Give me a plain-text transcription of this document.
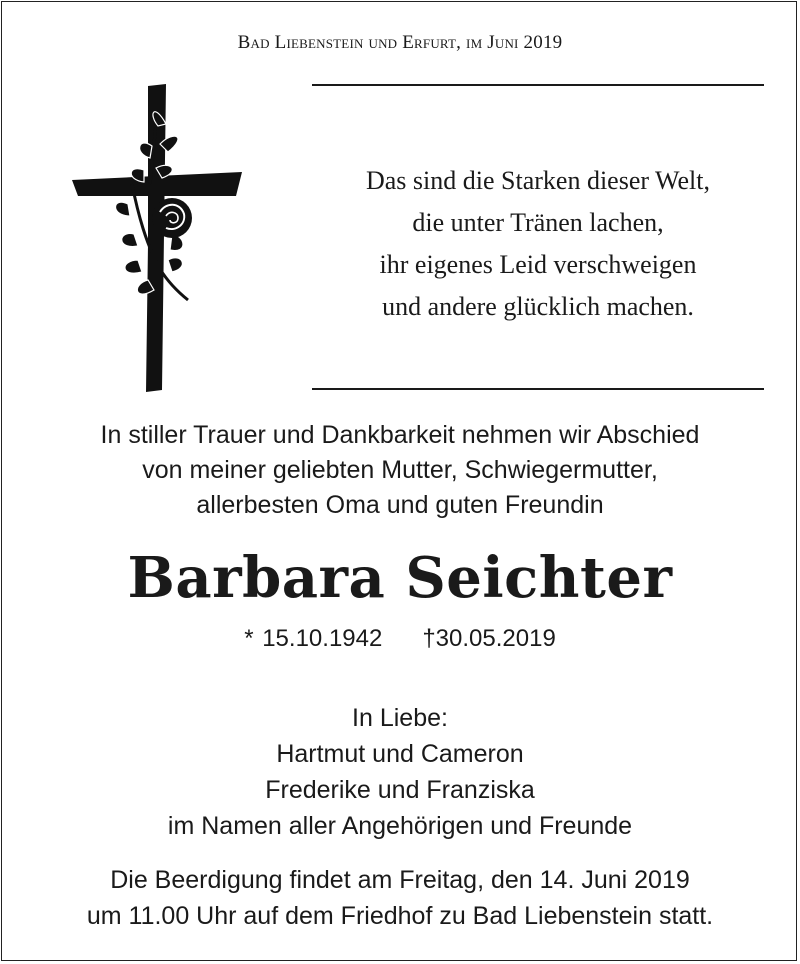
Bad Liebenstein und Erfurt, im Juni 2019
Das sind die Starken dieser Welt,
die unter Tränen lachen,
ihr eigenes Leid verschweigen
und andere glücklich machen.
In stiller Trauer und Dankbarkeit nehmen wir Abschied
von meiner geliebten Mutter, Schwiegermutter,
allerbesten Oma und guten Freundin
Barbara Seichter
* 15.10.1942 †30.05.2019
In Liebe:
Hartmut und Cameron
Frederike und Franziska
im Namen aller Angehörigen und Freunde
Die Beerdigung findet am Freitag, den 14. Juni 2019
um 11.00 Uhr auf dem Friedhof zu Bad Liebenstein statt.
